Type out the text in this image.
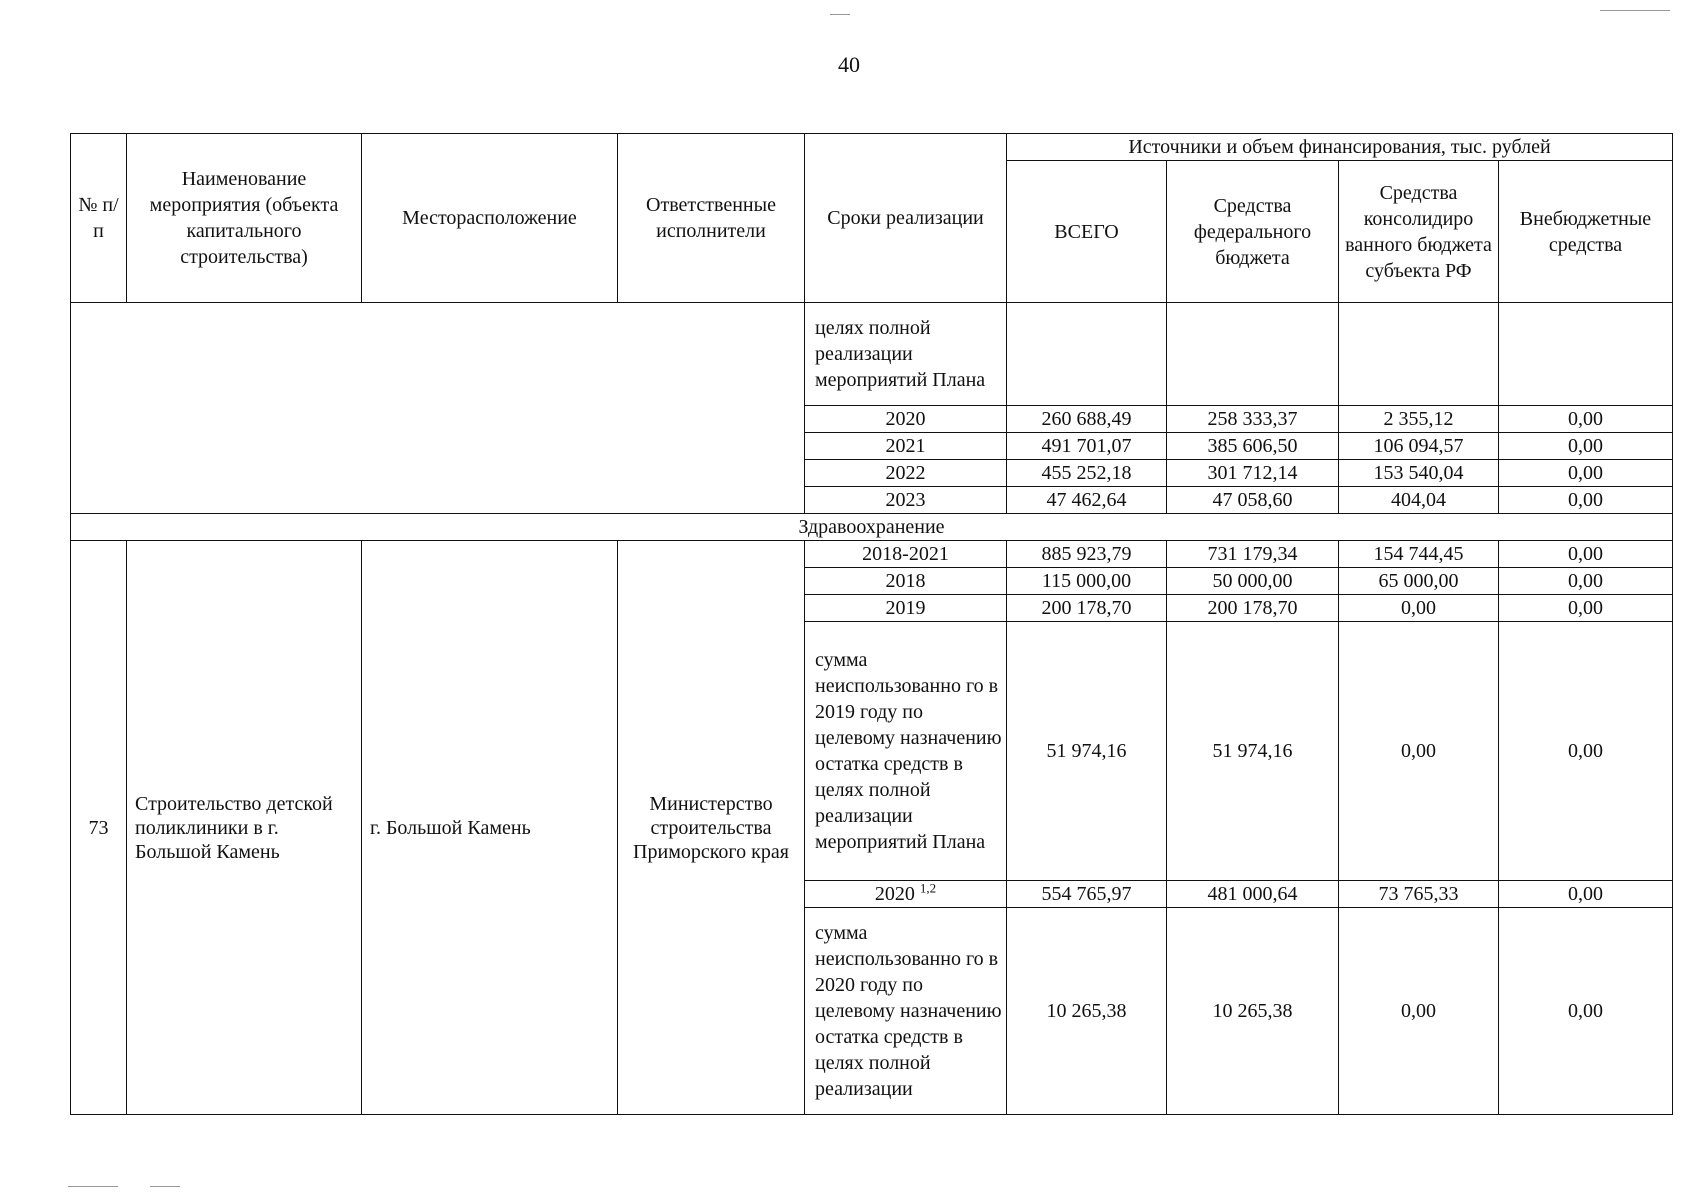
40
№ п/п	Наименование мероприятия (объекта капитального строительства)	Месторасположение	Ответственные исполнители	Сроки реализации	Источники и объем финансирования, тыс. рублей			
					ВСЕГО	Средства федерального бюджета	Средства консолидиро ванного бюджета субъекта РФ	Внебюджетные средства
				целях полной реализации мероприятий Плана				
				2020	260 688,49	258 333,37	2 355,12	0,00
				2021	491 701,07	385 606,50	106 094,57	0,00
				2022	455 252,18	301 712,14	153 540,04	0,00
				2023	47 462,64	47 058,60	404,04	0,00
Здравоохранение								
73	Строительство детской поликлиники в г. Большой Камень	г. Большой Камень	Министерство строительства Приморского края	2018-2021	885 923,79	731 179,34	154 744,45	0,00
				2018	115 000,00	50 000,00	65 000,00	0,00
				2019	200 178,70	200 178,70	0,00	0,00
				сумма неиспользованно го в 2019 году по целевому назначению остатка средств в целях полной реализации мероприятий Плана	51 974,16	51 974,16	0,00	0,00
				2020 $^{1,2}$	554 765,97	481 000,64	73 765,33	0,00
				сумма неиспользованно го в 2020 году по целевому назначению остатка средств в целях полной реализации	10 265,38	10 265,38	0,00	0,00
